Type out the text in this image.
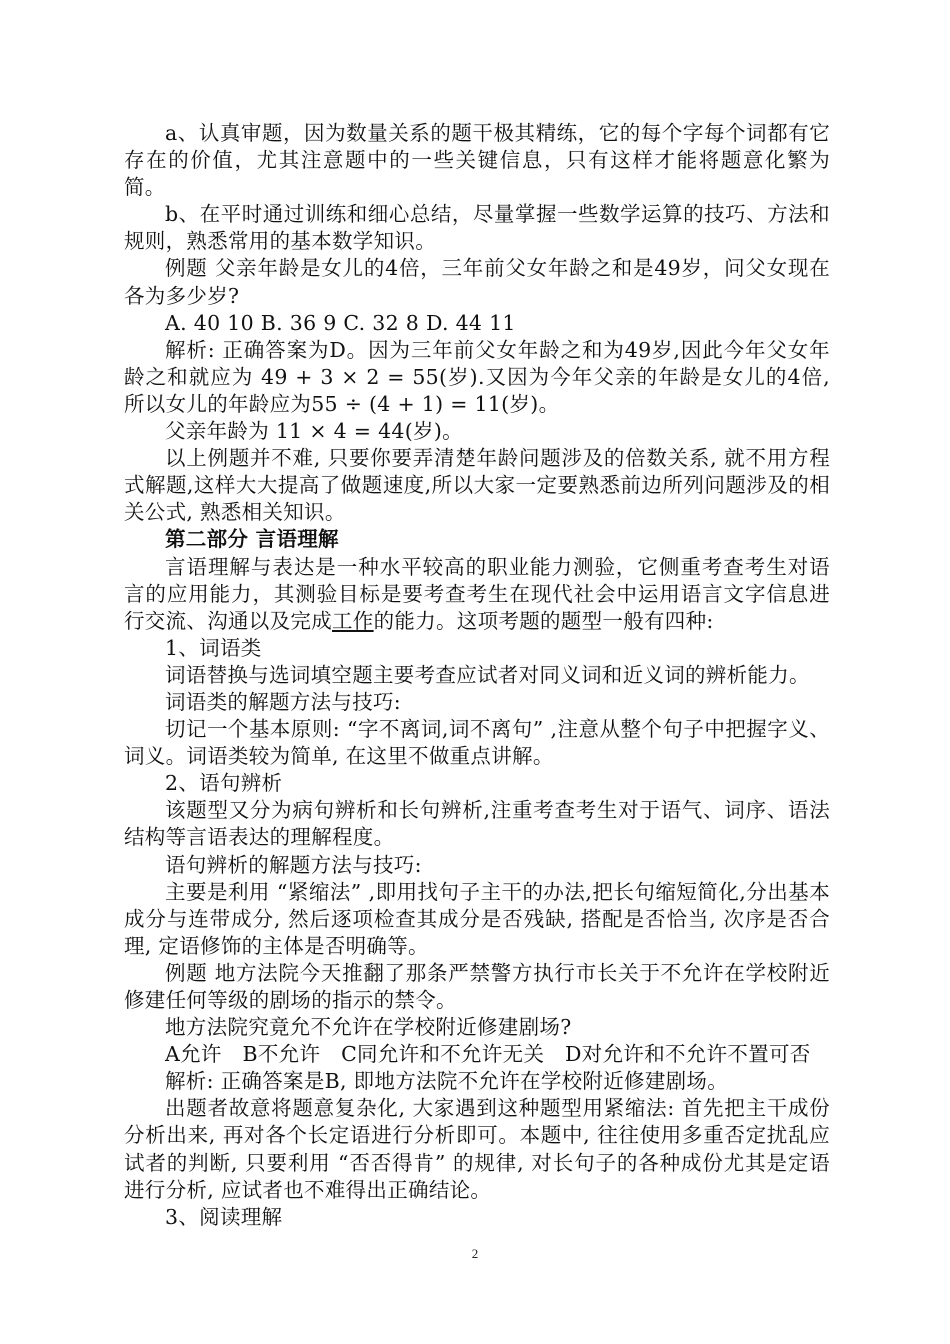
a、认真审题，因为数量关系的题干极其精练，它的每个字每个词都有它存在的价值，尤其注意题中的一些关键信息，只有这样才能将题意化繁为简。

b、在平时通过训练和细心总结，尽量掌握一些数学运算的技巧、方法和规则，熟悉常用的基本数学知识。

例题 父亲年龄是女儿的4倍，三年前父女年龄之和是49岁，问父女现在各为多少岁?

A. 40 10 B. 36 9 C. 32 8 D. 44 11

解析: 正确答案为D。因为三年前父女年龄之和为49岁,因此今年父女年龄之和就应为 49 + 3 × 2 = 55(岁).又因为今年父亲的年龄是女儿的4倍, 所以女儿的年龄应为55 ÷ (4 + 1) = 11(岁)。

父亲年龄为 11 × 4 = 44(岁)。

以上例题并不难, 只要你要弄清楚年龄问题涉及的倍数关系, 就不用方程式解题,这样大大提高了做题速度,所以大家一定要熟悉前边所列问题涉及的相关公式, 熟悉相关知识。

第二部分 言语理解

言语理解与表达是一种水平较高的职业能力测验，它侧重考查考生对语言的应用能力，其测验目标是要考查考生在现代社会中运用语言文字信息进行交流、沟通以及完成工作的能力。这项考题的题型一般有四种:

1、词语类

词语替换与选词填空题主要考查应试者对同义词和近义词的辨析能力。

词语类的解题方法与技巧:

切记一个基本原则: “字不离词,词不离句” ,注意从整个句子中把握字义、词义。词语类较为简单, 在这里不做重点讲解。

2、语句辨析

该题型又分为病句辨析和长句辨析,注重考查考生对于语气、词序、语法结构等言语表达的理解程度。

语句辨析的解题方法与技巧:

主要是利用 “紧缩法” ,即用找句子主干的办法,把长句缩短简化,分出基本成分与连带成分, 然后逐项检查其成分是否残缺, 搭配是否恰当, 次序是否合理, 定语修饰的主体是否明确等。

例题 地方法院今天推翻了那条严禁警方执行市长关于不允许在学校附近修建任何等级的剧场的指示的禁令。

地方法院究竟允不允许在学校附近修建剧场?

A允许　B不允许　C同允许和不允许无关　D对允许和不允许不置可否

解析: 正确答案是B, 即地方法院不允许在学校附近修建剧场。

出题者故意将题意复杂化, 大家遇到这种题型用紧缩法: 首先把主干成份分析出来, 再对各个长定语进行分析即可。本题中, 往往使用多重否定扰乱应试者的判断, 只要利用 “否否得肯” 的规律, 对长句子的各种成份尤其是定语进行分析, 应试者也不难得出正确结论。

3、阅读理解

2
